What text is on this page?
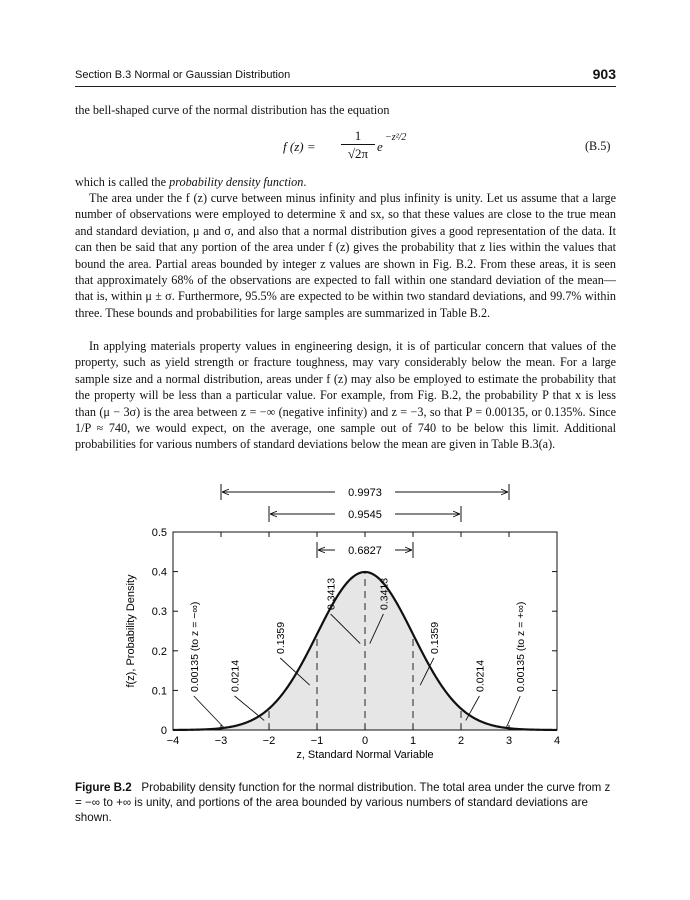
Section B.3 Normal or Gaussian Distribution	903

the bell-shaped curve of the normal distribution has the equation

f (z) =
1
√2π e
−z²/2
(B.5)

which is called the probability density function.

The area under the f (z) curve between minus infinity and plus infinity is unity. Let us assume that a large number of observations were employed to determine x̄ and sx, so that these values are close to the true mean and standard deviation, μ and σ, and also that a normal distribution gives a good representation of the data. It can then be said that any portion of the area under f (z) gives the probability that z lies within the values that bound the area. Partial areas bounded by integer z values are shown in Fig. B.2. From these areas, it is seen that approximately 68% of the observations are expected to fall within one standard deviation of the mean—that is, within μ ± σ. Furthermore, 95.5% are expected to be within two standard deviations, and 99.7% within three. These bounds and probabilities for large samples are summarized in Table B.2.

In applying materials property values in engineering design, it is of particular concern that values of the property, such as yield strength or fracture toughness, may vary considerably below the mean. For a large sample size and a normal distribution, areas under f (z) may also be employed to estimate the probability that the property will be less than a particular value. For example, from Fig. B.2, the probability P that x is less than (μ − 3σ) is the area between z = −∞ (negative infinity) and z = −3, so that P = 0.00135, or 0.135%. Since 1/P ≈ 740, we would expect, on the average, one sample out of 740 to be below this limit. Additional probabilities for various numbers of standard deviations below the mean are given in Table B.3(a).

−4	−3	−2	−1	0	1	2	3	4
0
0.1
0.2
0.3
0.4
0.5
z, Standard Normal Variable
f(z), Probability Density	0.00135 (to z = −∞)	0.0214
0.1359
0.3413	0.3413
0.1359
0.0214	0.00135 (to z = +∞)
0.9973
0.9545
0.6827

Figure B.2 Probability density function for the normal distribution. The total area under the curve from z = −∞ to +∞ is unity, and portions of the area bounded by various numbers of standard deviations are shown.
